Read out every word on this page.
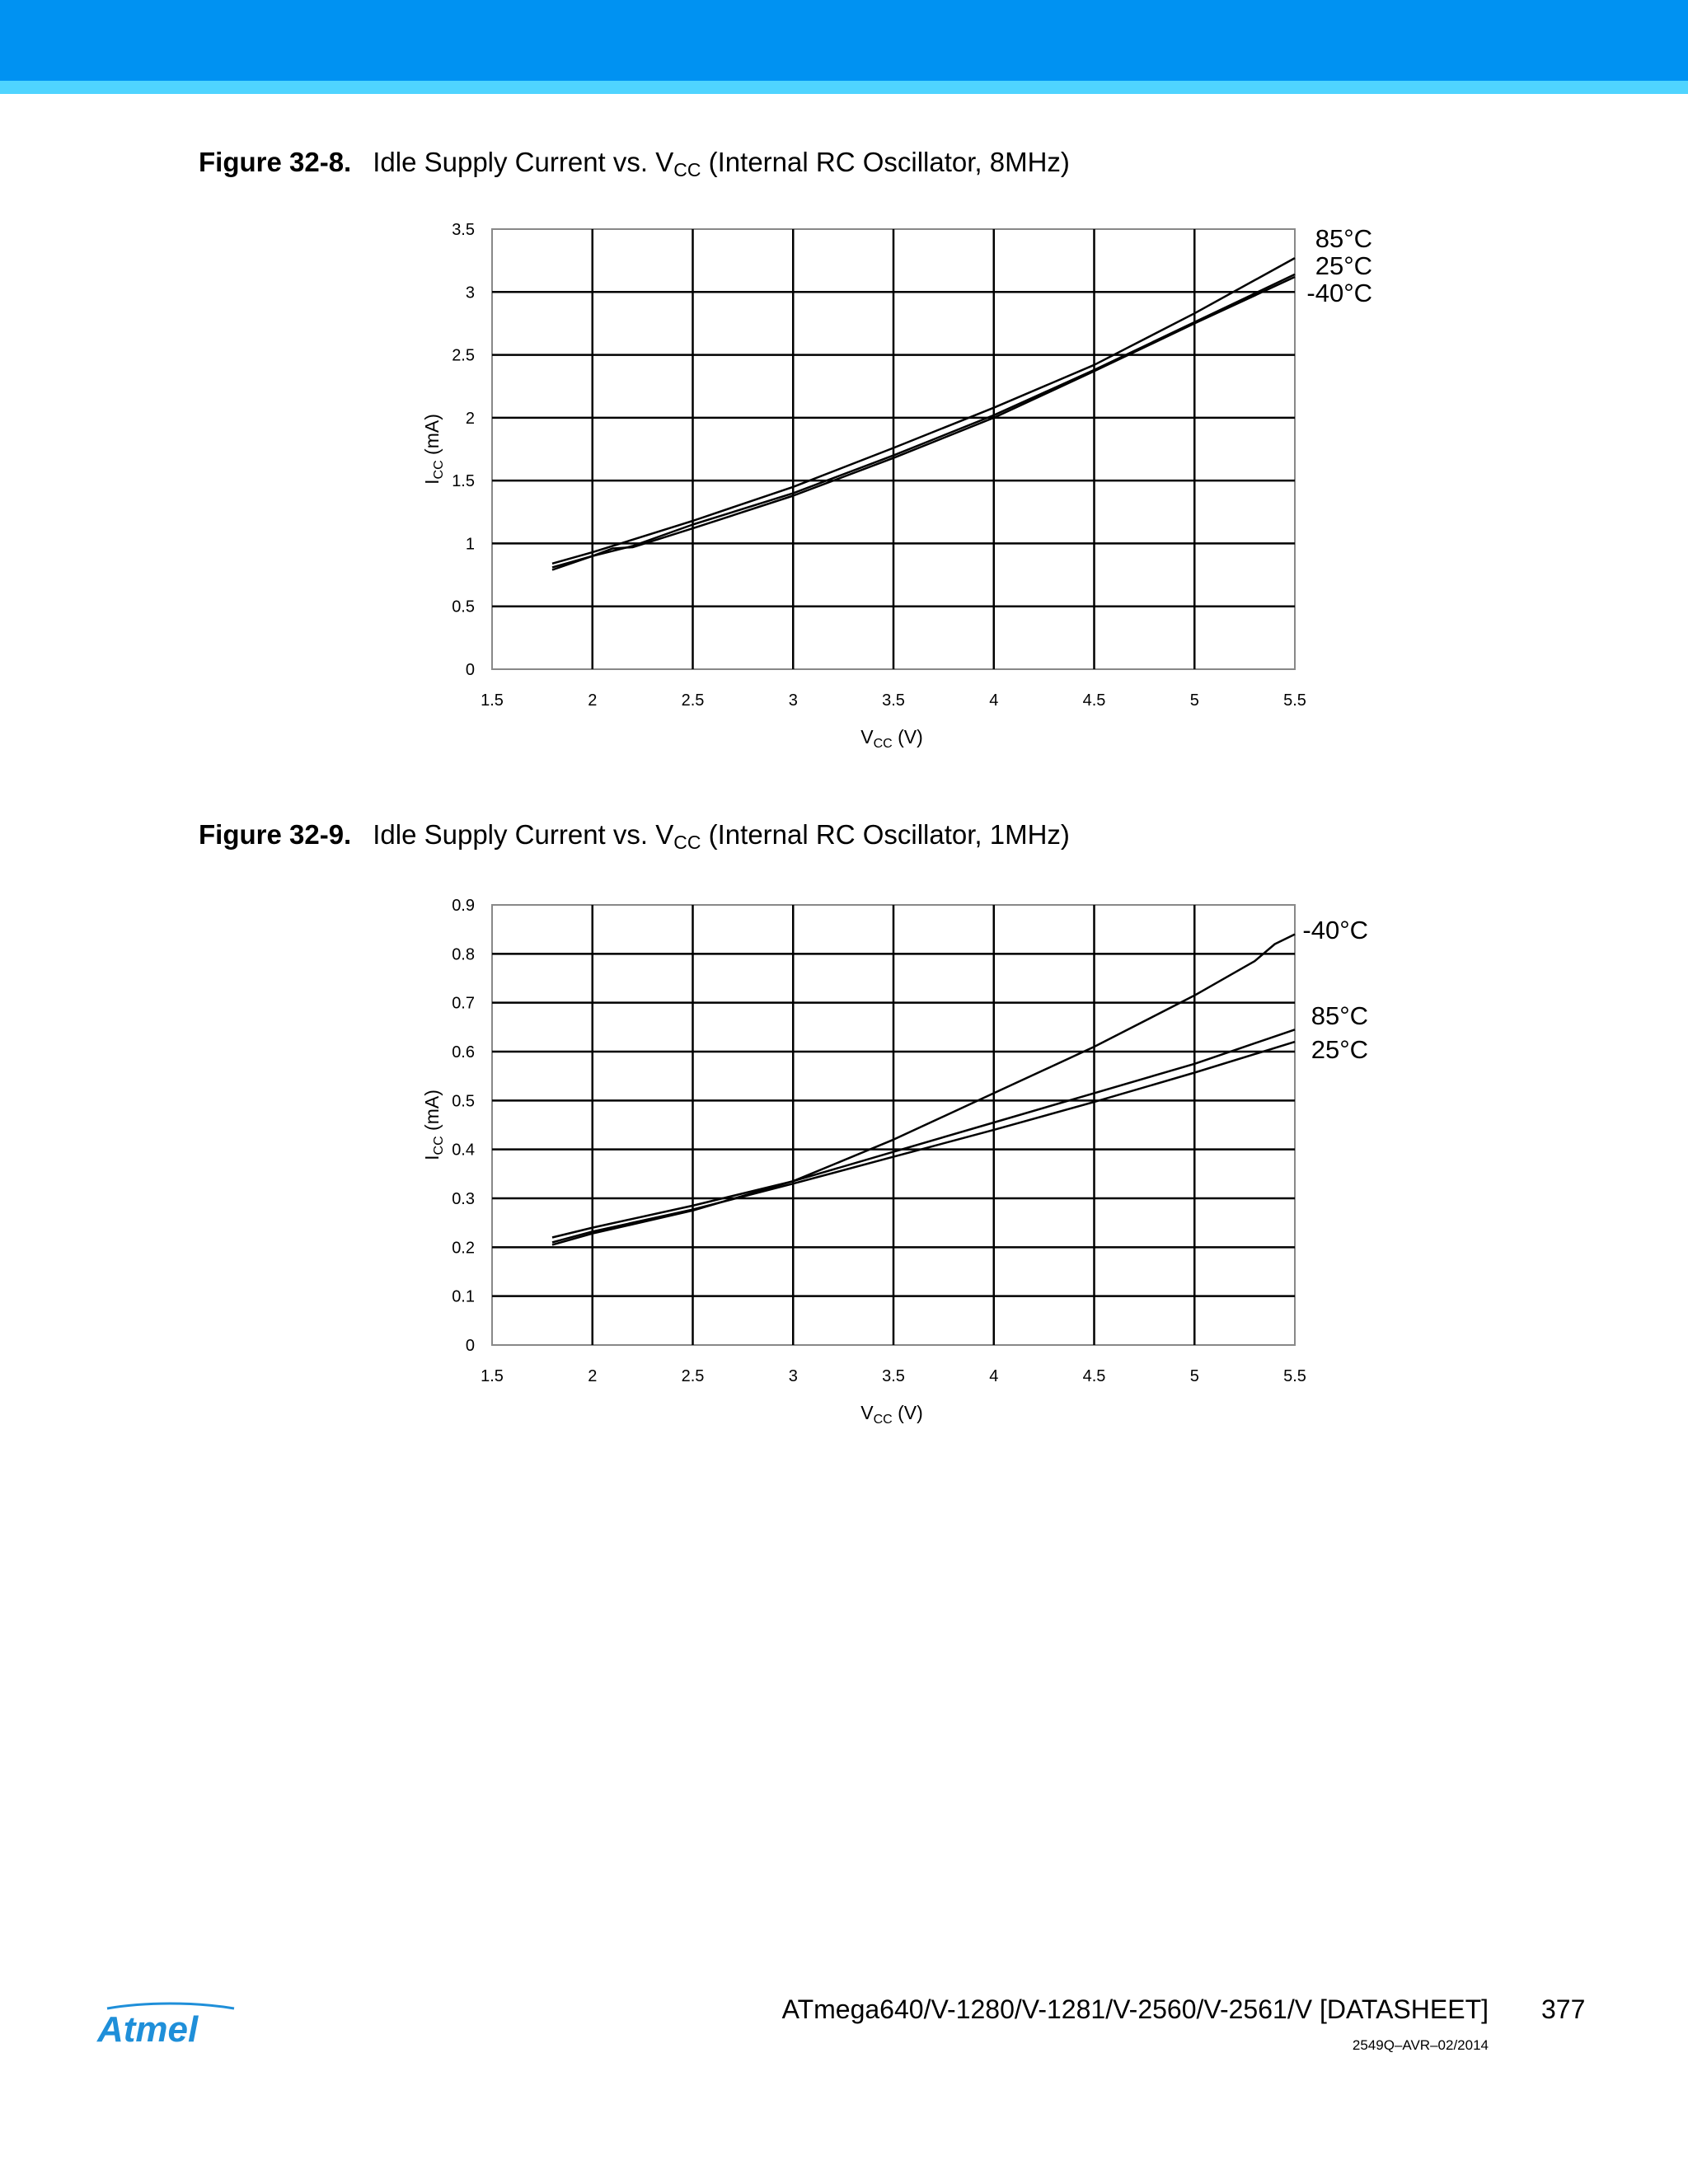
Figure 32-8. Idle Supply Current vs. $V_{CC}$ (Internal RC Oscillator, 8MHz)
1.5	2	2.5	3	3.5	4	4.5	5	5.5
0
0.5
1
1.5
2
2.5
3
3.5
$V_{CC}$ (V)
$I_{CC}$ (mA)
85°C
25°C
-40°C
Figure 32-9. Idle Supply Current vs. $V_{CC}$ (Internal RC Oscillator, 1MHz)
1.5	2	2.5	3	3.5	4	4.5	5	5.5
0
0.1
0.2
0.3
0.4
0.5
0.6
0.7
0.8
0.9
$V_{CC}$ (V)
$I_{CC}$ (mA)
-40°C
85°C
25°C
Atmel	ATmega640/V-1280/V-1281/V-2560/V-2561/V [DATASHEET] 377
2549Q–AVR–02/2014
